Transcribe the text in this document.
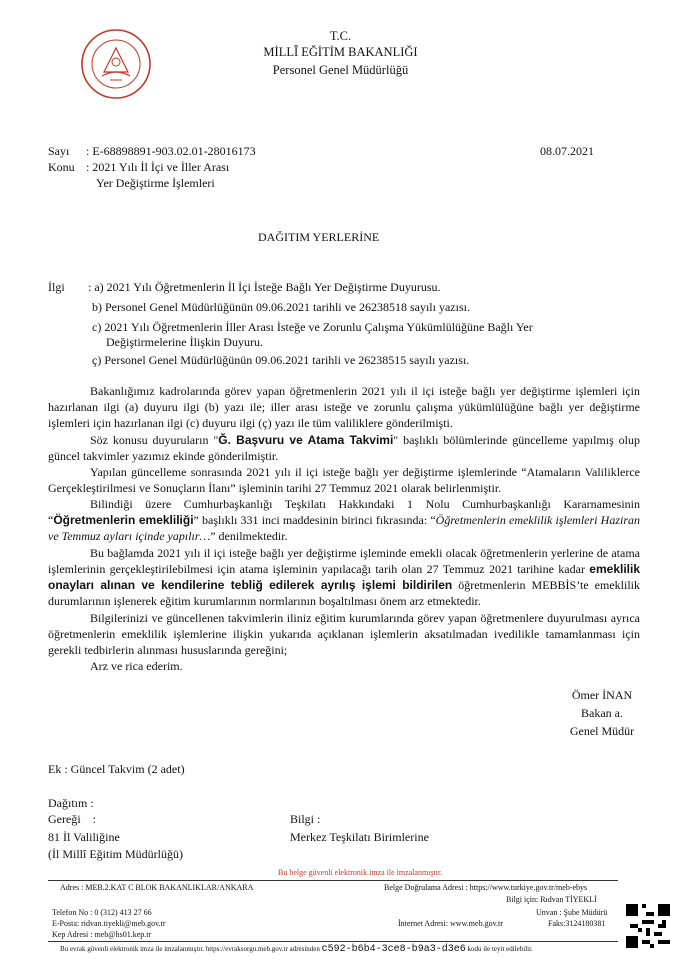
T.C.
MİLLÎ EĞİTİM BAKANLIĞI
Personel Genel Müdürlüğü
Sayı : E-68898891-903.02.01-28016173	08.07.2021
Konu : 2021 Yılı İl İçi ve İller Arası
Yer Değiştirme İşlemleri
DAĞITIM YERLERİNE
İlgi : a) 2021 Yılı Öğretmenlerin İl İçi İsteğe Bağlı Yer Değiştirme Duyurusu.
b) Personel Genel Müdürlüğünün 09.06.2021 tarihli ve 26238518 sayılı yazısı.
c) 2021 Yılı Öğretmenlerin İller Arası İsteğe ve Zorunlu Çalışma Yükümlülüğüne Bağlı Yer
Değiştirmelerine İlişkin Duyuru.
ç) Personel Genel Müdürlüğünün 09.06.2021 tarihli ve 26238515 sayılı yazısı.
Bakanlığımız kadrolarında görev yapan öğretmenlerin 2021 yılı il içi isteğe bağlı yer değiştirme işlemleri için hazırlanan ilgi (a) duyuru ilgi (b) yazı ile; iller arası isteğe ve zorunlu çalışma yükümlülüğüne bağlı yer değiştirme işlemleri için hazırlanan ilgi (c) duyuru ilgi (ç) yazı ile tüm valiliklere gönderilmişti.
Söz konusu duyuruların "Ğ. Başvuru ve Atama Takvimi" başlıklı bölümlerinde güncelleme yapılmış olup güncel takvimler yazımız ekinde gönderilmiştir.
Yapılan güncelleme sonrasında 2021 yılı il içi isteğe bağlı yer değiştirme işlemlerinde “Atamaların Valiliklerce Gerçekleştirilmesi ve Sonuçların İlanı” işleminin tarihi 27 Temmuz 2021 olarak belirlenmiştir.
Bilindiği üzere Cumhurbaşkanlığı Teşkilatı Hakkındaki 1 Nolu Cumhurbaşkanlığı Kararnamesinin “Öğretmenlerin emekliliği” başlıklı 331 inci maddesinin birinci fıkrasında: “Öğretmenlerin emeklilik işlemleri Haziran ve Temmuz ayları içinde yapılır…” denilmektedir.
Bu bağlamda 2021 yılı il içi isteğe bağlı yer değiştirme işleminde emekli olacak öğretmenlerin yerlerine de atama işlemlerinin gerçekleştirilebilmesi için atama işleminin yapılacağı tarih olan 27 Temmuz 2021 tarihine kadar emeklilik onayları alınan ve kendilerine tebliğ edilerek ayrılış işlemi bildirilen öğretmenlerin MEBBİS’te emeklilik durumlarının işlenerek eğitim kurumlarının normlarının boşaltılması önem arz etmektedir.
Bilgilerinizi ve güncellenen takvimlerin iliniz eğitim kurumlarında görev yapan öğretmenlere duyurulması ayrıca öğretmenlerin emeklilik işlemlerine ilişkin yukarıda açıklanan işlemlerin aksatılmadan ivedilikle tamamlanması için gerekli tedbirlerin alınması hususlarında gereğini;
Arz ve rica ederim.
Ömer İNAN
Bakan a.
Genel Müdür
Ek : Güncel Takvim (2 adet)
Dağıtım :
Gereği    :
81 İl Valiliğine
(İl Millî Eğitim Müdürlüğü)
Bilgi :
Merkez Teşkilatı Birimlerine
Bu belge güvenli elektronik imza ile imzalanmıştır.
Adres : MEB.2.KAT C BLOK BAKANLIKLAR/ANKARA	Belge Doğrulama Adresi : https://www.turkiye.gov.tr/meb-ebys
Bilgi için: Rıdvan TİYEKLİ
Telefon No : 0 (312) 413 27 66	Unvan : Şube Müdürü
E-Posta: ridvan.tiyekli@meb.gov.tr	İnternet Adresi: www.meb.gov.tr	Faks:3124180381
Kep Adresi : meb@hs01.kep.tr
Bu evrak güvenli elektronik imza ile imzalanmıştır. https://evraksorgu.meb.gov.tr adresinden c592-b6b4-3ce8-b9a3-d3e6 kodu ile teyit edilebilir.
